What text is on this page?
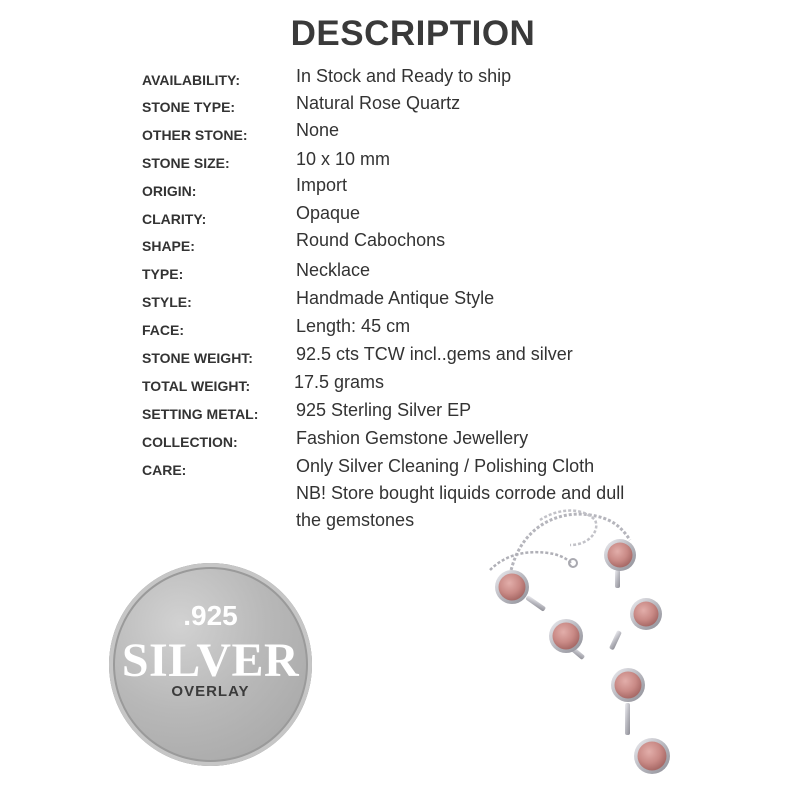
DESCRIPTION
AVAILABILITY:	In Stock and Ready to ship
STONE TYPE:	Natural Rose Quartz
OTHER STONE:	None
STONE SIZE:	10 x 10 mm
ORIGIN:	Import
CLARITY:	Opaque
SHAPE:	Round Cabochons
TYPE:	Necklace
STYLE:	Handmade Antique Style
FACE:	Length: 45 cm
STONE WEIGHT: 92.5 cts TCW incl..gems and silver
TOTAL WEIGHT: 17.5 grams
SETTING METAL: 925 Sterling Silver EP
COLLECTION:	Fashion Gemstone Jewellery
CARE:	Only Silver Cleaning / Polishing Cloth
NB! Store bought liquids corrode and dull
the gemstones
.925
SILVER
OVERLAY
